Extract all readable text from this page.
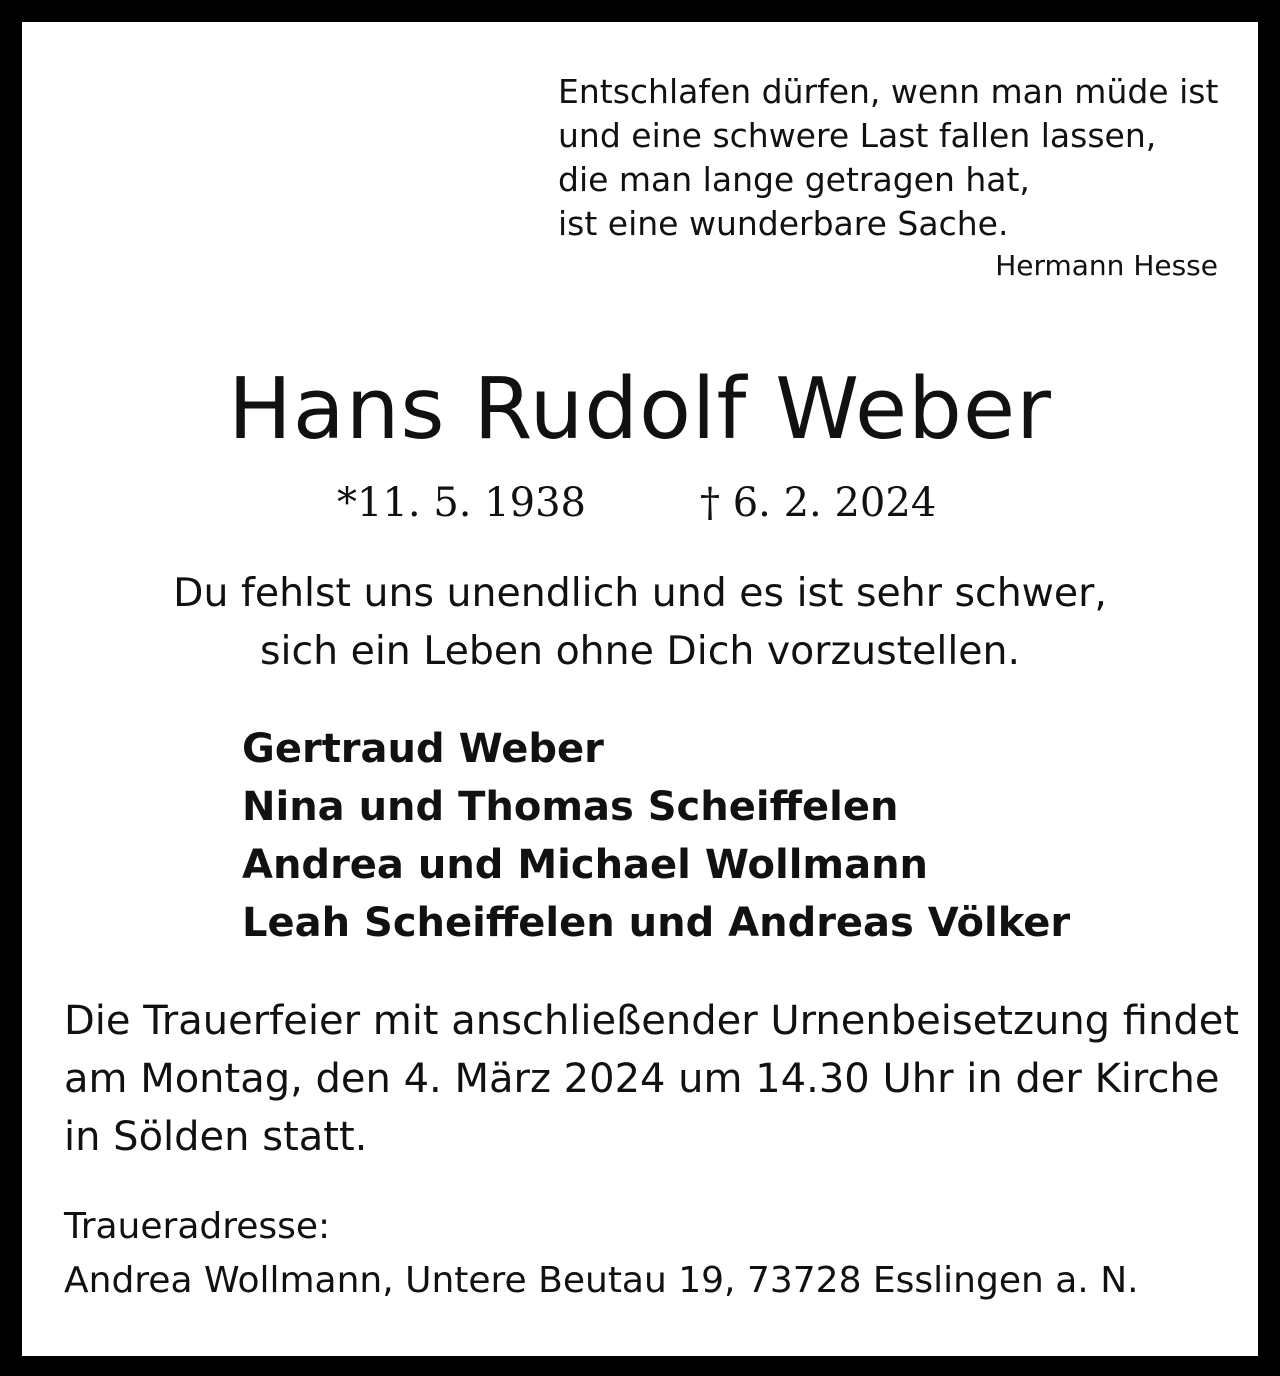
Entschlafen dürfen, wenn man müde ist
und eine schwere Last fallen lassen,
die man lange getragen hat,
ist eine wunderbare Sache.
Hermann Hesse
Hans Rudolf Weber
*11. 5. 1938	† 6. 2. 2024
Du fehlst uns unendlich und es ist sehr schwer,
sich ein Leben ohne Dich vorzustellen.
Gertraud Weber
Nina und Thomas Scheiffelen
Andrea und Michael Wollmann
Leah Scheiffelen und Andreas Völker
Die Trauerfeier mit anschließender Urnenbeisetzung findet
am Montag, den 4. März 2024 um 14.30 Uhr in der Kirche
in Sölden statt.
Traueradresse:
Andrea Wollmann, Untere Beutau 19, 73728 Esslingen a. N.
